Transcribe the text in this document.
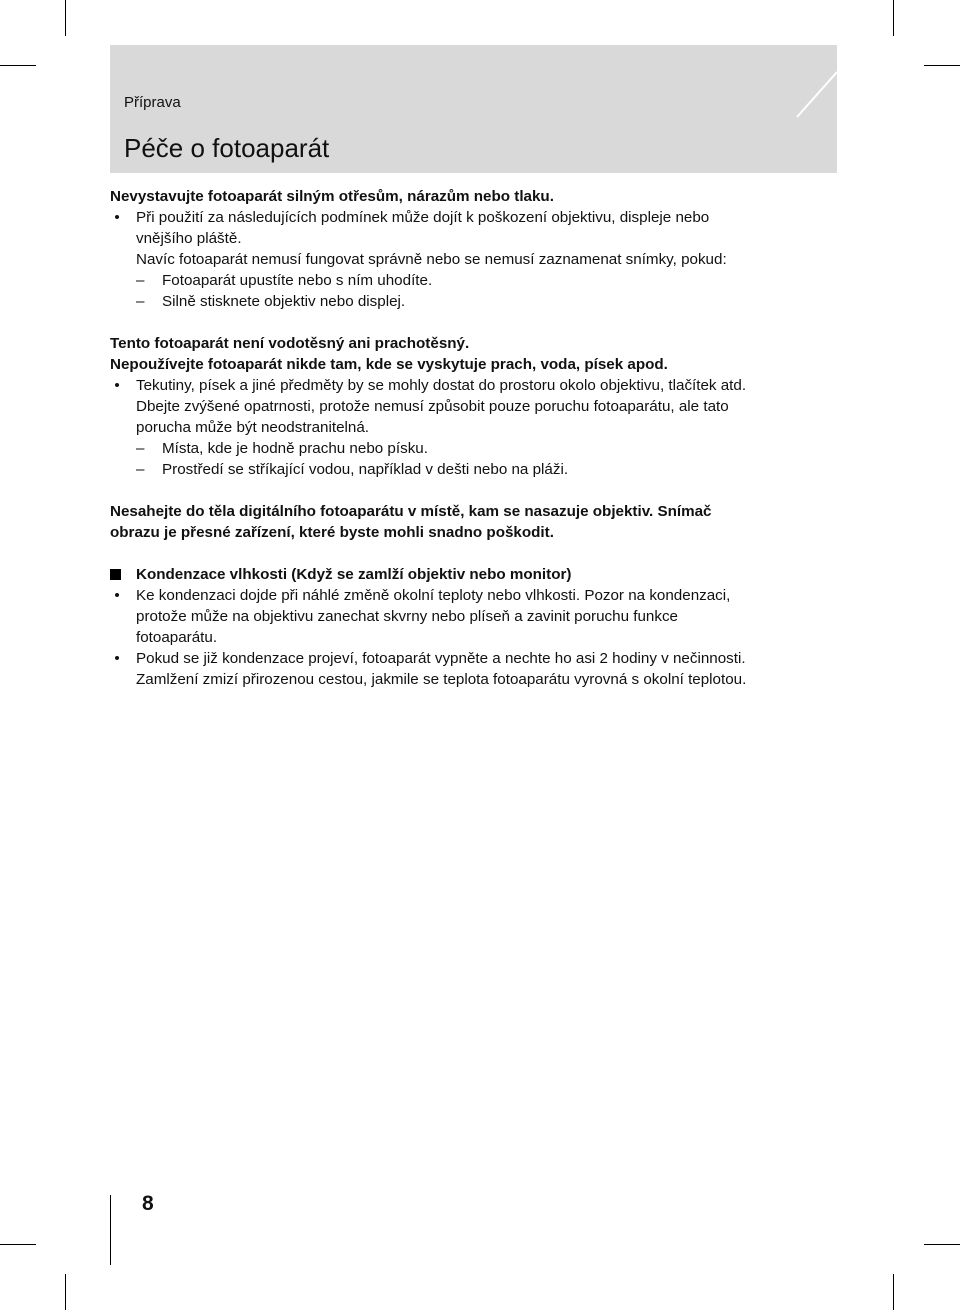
Příprava
Péče o fotoaparát

Nevystavujte fotoaparát silným otřesům, nárazům nebo tlaku.

• Při použití za následujících podmínek může dojít k poškození objektivu, displeje nebo
vnějšího pláště.
Navíc fotoaparát nemusí fungovat správně nebo se nemusí zaznamenat snímky, pokud:
–	Fotoaparát upustíte nebo s ním uhodíte.
–	Silně stisknete objektiv nebo displej.

Tento fotoaparát není vodotěsný ani prachotěsný.

Nepoužívejte fotoaparát nikde tam, kde se vyskytuje prach, voda, písek apod.

• Tekutiny, písek a jiné předměty by se mohly dostat do prostoru okolo objektivu, tlačítek atd.
Dbejte zvýšené opatrnosti, protože nemusí způsobit pouze poruchu fotoaparátu, ale tato
porucha může být neodstranitelná.
–	Místa, kde je hodně prachu nebo písku.
–	Prostředí se stříkající vodou, například v dešti nebo na pláži.
Nesahejte do těla digitálního fotoaparátu v místě, kam se nasazuje objektiv. Snímač
obrazu je přesné zařízení, které byste mohli snadno poškodit.
Kondenzace vlhkosti (Když se zamlží objektiv nebo monitor)
• Ke kondenzaci dojde při náhlé změně okolní teploty nebo vlhkosti. Pozor na kondenzaci,
protože může na objektivu zanechat skvrny nebo plíseň a zavinit poruchu funkce
fotoaparátu.
• Pokud se již kondenzace projeví, fotoaparát vypněte a nechte ho asi 2 hodiny v nečinnosti.
Zamlžení zmizí přirozenou cestou, jakmile se teplota fotoaparátu vyrovná s okolní teplotou.
8
